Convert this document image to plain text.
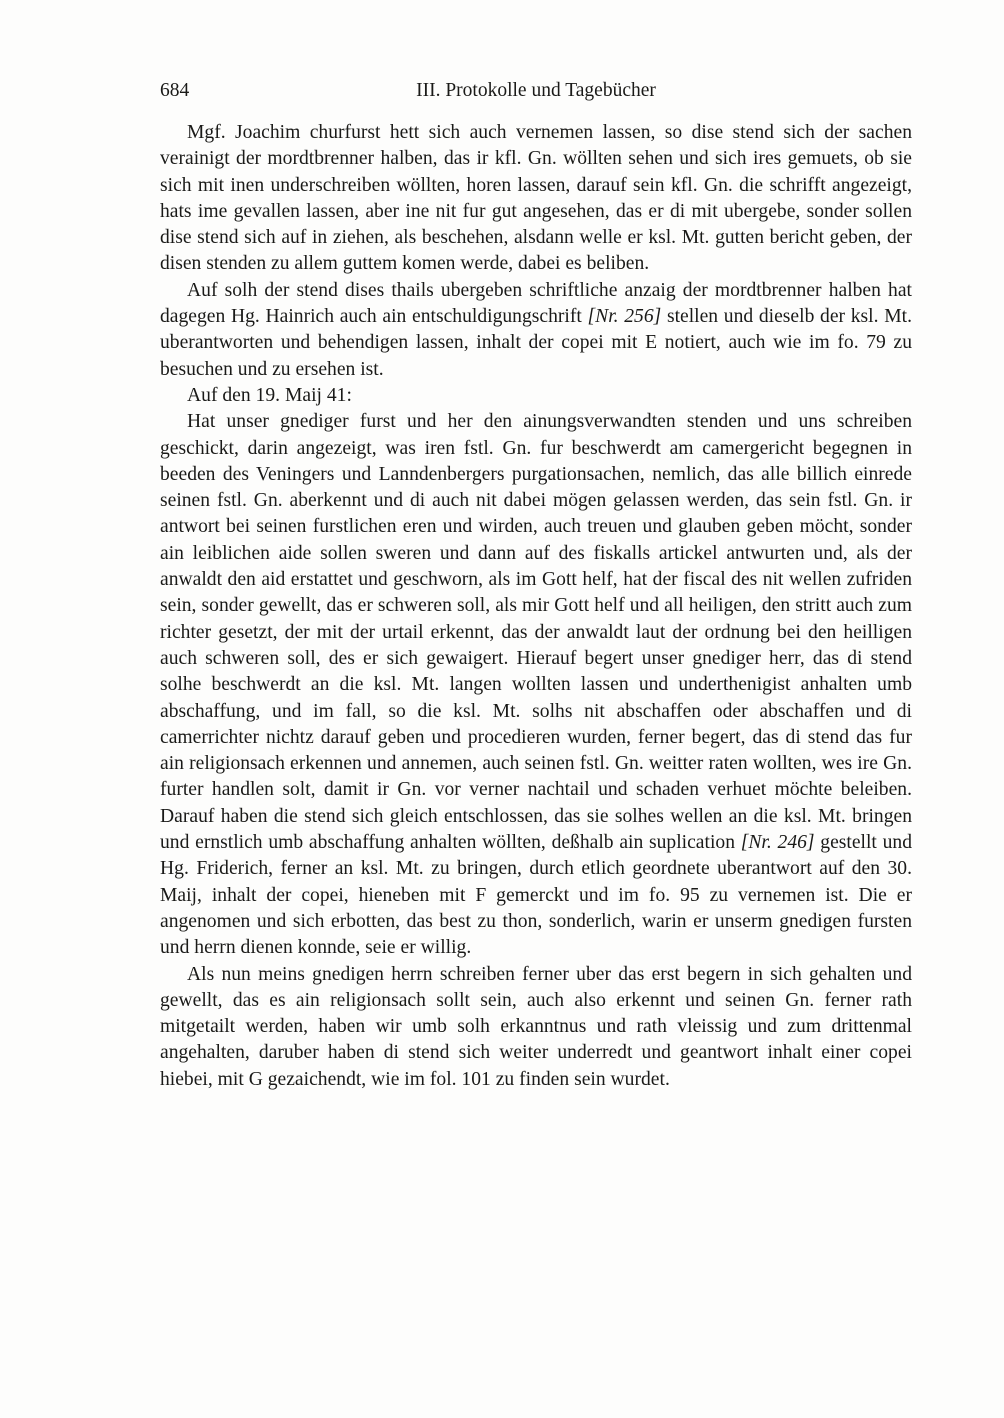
684	III. Protokolle und Tagebücher

Mgf. Joachim churfurst hett sich auch vernemen lassen, so dise stend sich der sachen verainigt der mordtbrenner halben, das ir kfl. Gn. wöllten sehen und sich ires gemuets, ob sie sich mit inen underschreiben wöllten, horen lassen, darauf sein kfl. Gn. die schrifft angezeigt, hats ime gevallen lassen, aber ine nit fur gut angesehen, das er di mit ubergebe, sonder sollen dise stend sich auf in ziehen, als beschehen, alsdann welle er ksl. Mt. gutten bericht geben, der disen stenden zu allem guttem komen werde, dabei es beliben.

Auf solh der stend dises thails ubergeben schriftliche anzaig der mordtbrenner halben hat dagegen Hg. Hainrich auch ain entschuldigungschrift [Nr. 256] stellen und dieselb der ksl. Mt. uberantworten und behendigen lassen, inhalt der copei mit E notiert, auch wie im fo. 79 zu besuchen und zu ersehen ist.

Auf den 19. Maij 41:

Hat unser gnediger furst und her den ainungsverwandten stenden und uns schreiben geschickt, darin angezeigt, was iren fstl. Gn. fur beschwerdt am camergericht begegnen in beeden des Veningers und Lanndenbergers purgationsachen, nemlich, das alle billich einrede seinen fstl. Gn. aberkennt und di auch nit dabei mögen gelassen werden, das sein fstl. Gn. ir antwort bei seinen furstlichen eren und wirden, auch treuen und glauben geben möcht, sonder ain leiblichen aide sollen sweren und dann auf des fiskalls artickel antwurten und, als der anwaldt den aid erstattet und geschworn, als im Gott helf, hat der fiscal des nit wellen zufriden sein, sonder gewellt, das er schweren soll, als mir Gott helf und all heiligen, den stritt auch zum richter gesetzt, der mit der urtail erkennt, das der anwaldt laut der ordnung bei den heilligen auch schweren soll, des er sich gewaigert. Hierauf begert unser gnediger herr, das di stend solhe beschwerdt an die ksl. Mt. langen wollten lassen und underthenigist anhalten umb abschaffung, und im fall, so die ksl. Mt. solhs nit abschaffen oder abschaffen und di camerrichter nichtz darauf geben und procedieren wurden, ferner begert, das di stend das fur ain religionsach erkennen und annemen, auch seinen fstl. Gn. weitter raten wollten, wes ire Gn. furter handlen solt, damit ir Gn. vor verner nachtail und schaden verhuet möchte beleiben. Darauf haben die stend sich gleich entschlossen, das sie solhes wellen an die ksl. Mt. bringen und ernstlich umb abschaffung anhalten wöllten, deßhalb ain suplication [Nr. 246] gestellt und Hg. Friderich, ferner an ksl. Mt. zu bringen, durch etlich geordnete uberantwort auf den 30. Maij, inhalt der copei, hieneben mit F gemerckt und im fo. 95 zu vernemen ist. Die er angenomen und sich erbotten, das best zu thon, sonderlich, warin er unserm gnedigen fursten und herrn dienen konnde, seie er willig.

Als nun meins gnedigen herrn schreiben ferner uber das erst begern in sich gehalten und gewellt, das es ain religionsach sollt sein, auch also erkennt und seinen Gn. ferner rath mitgetailt werden, haben wir umb solh erkanntnus und rath vleissig und zum drittenmal angehalten, daruber haben di stend sich weiter underredt und geantwort inhalt einer copei hiebei, mit G gezaichendt, wie im fol. 101 zu finden sein wurdet.
